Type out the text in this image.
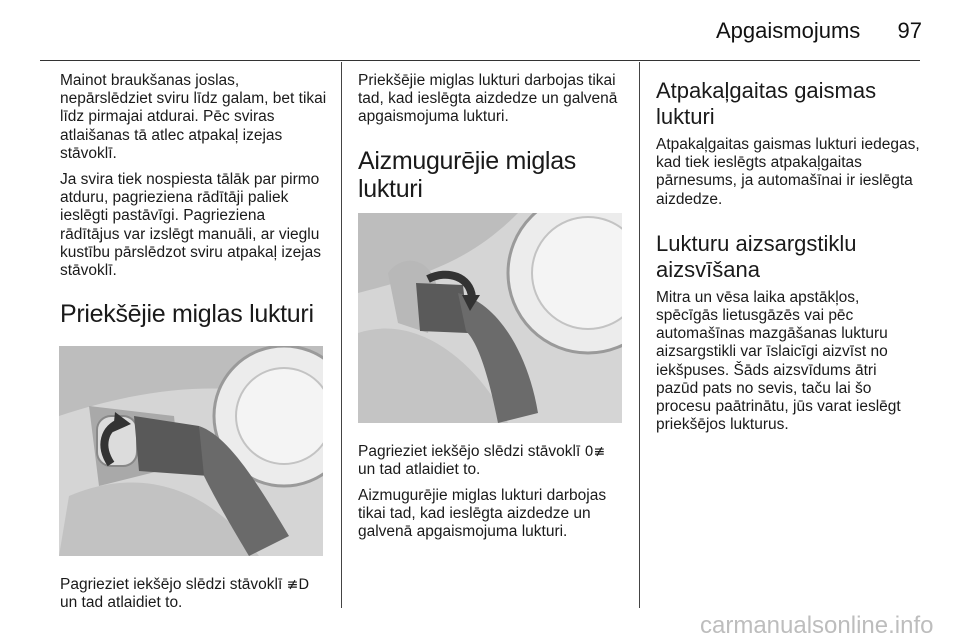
Apgaismojums	97

Mainot braukšanas joslas, nepārslēdziet sviru līdz galam, bet tikai līdz pirmajai atdurai. Pēc sviras atlaišanas tā atlec atpakaļ izejas stāvoklī.

Ja svira tiek nospiesta tālāk par pirmo atduru, pagrieziena rādītāji paliek ieslēgti pastāvīgi. Pagrieziena rādītājus var izslēgt manuāli, ar vieglu kustību pārslēdzot sviru atpakaļ izejas stāvoklī.

Priekšējie miglas lukturi

Pagrieziet iekšējo slēdzi stāvoklī ≢D
un tad atlaidiet to.

Priekšējie miglas lukturi darbojas tikai tad, kad ieslēgta aizdedze un galvenā apgaismojuma lukturi.

Aizmugurējie miglas lukturi

Pagrieziet iekšējo slēdzi stāvoklī 0≢
un tad atlaidiet to.

Aizmugurējie miglas lukturi darbojas tikai tad, kad ieslēgta aizdedze un galvenā apgaismojuma lukturi.

Atpakaļgaitas gaismas lukturi

Atpakaļgaitas gaismas lukturi iedegas, kad tiek ieslēgts atpakaļgaitas pārnesums, ja automašīnai ir ieslēgta aizdedze.

Lukturu aizsargstiklu aizsvīšana

Mitra un vēsa laika apstākļos, spēcīgās lietusgāzēs vai pēc automašīnas mazgāšanas lukturu aizsargstikli var īslaicīgi aizvīst no iekšpuses. Šāds aizsvīdums ātri pazūd pats no sevis, taču lai šo procesu paātrinātu, jūs varat ieslēgt priekšējos lukturus.

carmanualsonline.info
